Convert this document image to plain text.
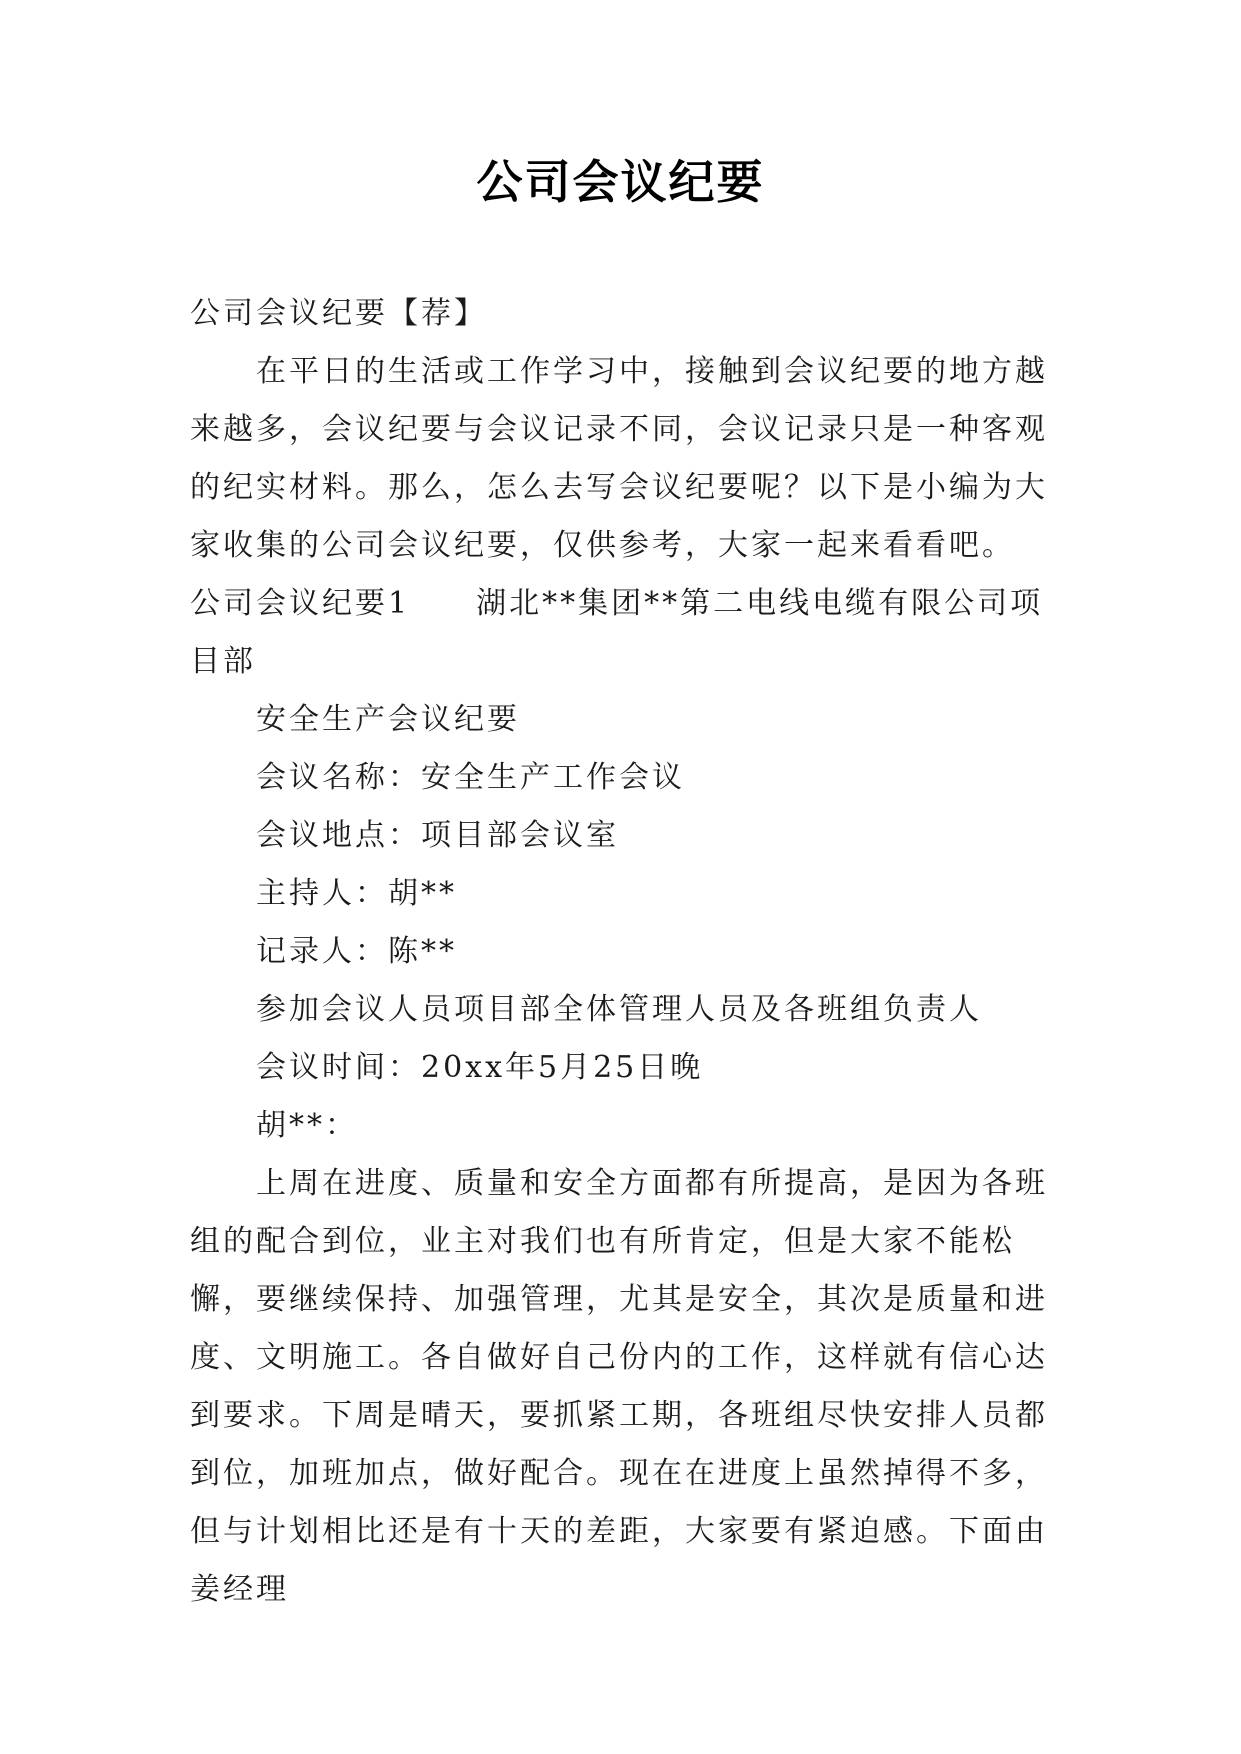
公司会议纪要

公司会议纪要【荐】

在平日的生活或工作学习中，接触到会议纪要的地方越来越多，会议纪要与会议记录不同，会议记录只是一种客观的纪实材料。那么，怎么去写会议纪要呢？以下是小编为大家收集的公司会议纪要，仅供参考，大家一起来看看吧。

公司会议纪要1　　湖北**集团**第二电线电缆有限公司项目部

安全生产会议纪要

会议名称：安全生产工作会议

会议地点：项目部会议室

主持人：胡**

记录人：陈**

参加会议人员项目部全体管理人员及各班组负责人

会议时间：20xx年5月25日晚

胡**：

上周在进度、质量和安全方面都有所提高，是因为各班组的配合到位，业主对我们也有所肯定，但是大家不能松懈，要继续保持、加强管理，尤其是安全，其次是质量和进度、文明施工。各自做好自己份内的工作，这样就有信心达到要求。下周是晴天，要抓紧工期，各班组尽快安排人员都到位，加班加点，做好配合。现在在进度上虽然掉得不多，但与计划相比还是有十天的差距，大家要有紧迫感。下面由姜经理
